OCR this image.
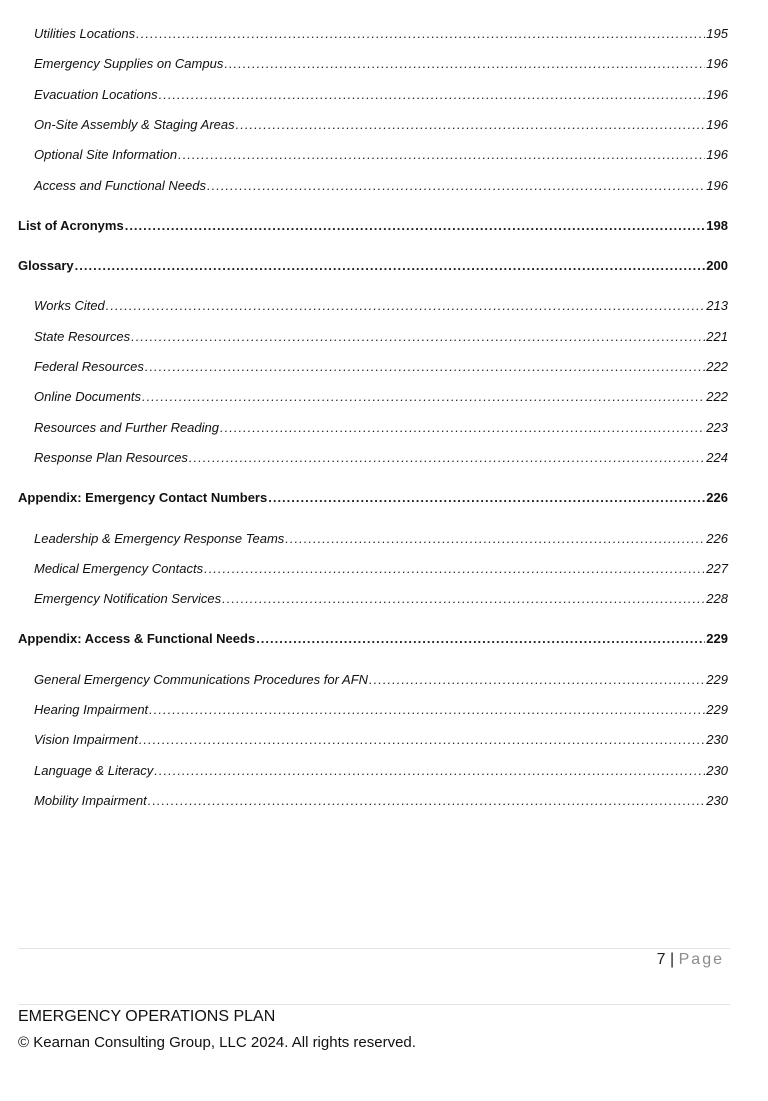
Utilities Locations .....	195
Emergency Supplies on Campus .....	196
Evacuation Locations .....	196
On-Site Assembly & Staging Areas .....	196
Optional Site Information .....	196
Access and Functional Needs .....	196
List of Acronyms .....	198
Glossary .....	200
Works Cited .....	213
State Resources .....	221
Federal Resources .....	222
Online Documents .....	222
Resources and Further Reading .....	223
Response Plan Resources .....	224
Appendix: Emergency Contact Numbers .....	226
Leadership & Emergency Response Teams .....	226
Medical Emergency Contacts .....	227
Emergency Notification Services .....	228
Appendix: Access & Functional Needs .....	229
General Emergency Communications Procedures for AFN .....	229
Hearing Impairment .....	229
Vision Impairment .....	230
Language & Literacy .....	230
Mobility Impairment .....	230
7 | Page
EMERGENCY OPERATIONS PLAN
© Kearnan Consulting Group, LLC 2024. All rights reserved.
